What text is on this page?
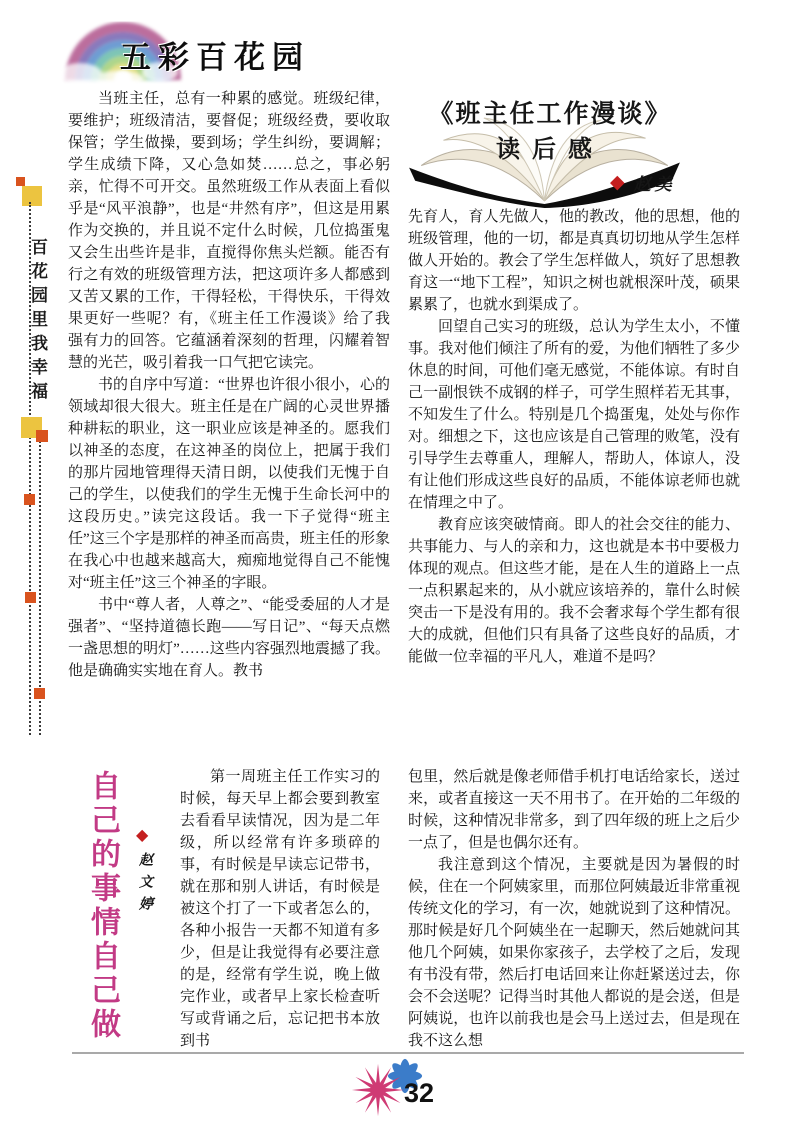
五彩百花园
百花园里我幸福
《班主任工作漫谈》
读后感
◆ 赵美

当班主任，总有一种累的感觉。班级纪律，要维护；班级清洁，要督促；班级经费，要收取保管；学生做操，要到场；学生纠纷，要调解；学生成绩下降，又心急如焚……总之，事必躬亲，忙得不可开交。虽然班级工作从表面上看似乎是“风平浪静”，也是“井然有序”，但这是用累作为交换的，并且说不定什么时候，几位捣蛋鬼又会生出些许是非，直搅得你焦头烂额。能否有行之有效的班级管理方法，把这项许多人都感到又苦又累的工作，干得轻松，干得快乐，干得效果更好一些呢？有，《班主任工作漫谈》给了我强有力的回答。它蕴涵着深刻的哲理，闪耀着智慧的光芒，吸引着我一口气把它读完。

书的自序中写道：“世界也许很小很小，心的领域却很大很大。班主任是在广阔的心灵世界播种耕耘的职业，这一职业应该是神圣的。愿我们以神圣的态度，在这神圣的岗位上，把属于我们的那片园地管理得天清日朗，以使我们无愧于自己的学生，以使我们的学生无愧于生命长河中的这段历史。”读完这段话。我一下子觉得“班主任”这三个字是那样的神圣而高贵，班主任的形象在我心中也越来越高大，痴痴地觉得自己不能愧对“班主任”这三个神圣的字眼。

书中“尊人者，人尊之”、“能受委屈的人才是强者”、“坚持道德长跑——写日记”、“每天点燃一盏思想的明灯”……这些内容强烈地震撼了我。他是确确实实地在育人。教书

先育人，育人先做人，他的教改，他的思想，他的班级管理，他的一切，都是真真切切地从学生怎样做人开始的。教会了学生怎样做人，筑好了思想教育这一“地下工程”，知识之树也就根深叶茂，硕果累累了，也就水到渠成了。

回望自己实习的班级，总认为学生太小，不懂事。我对他们倾注了所有的爱，为他们牺牲了多少休息的时间，可他们毫无感觉，不能体谅。有时自己一副恨铁不成钢的样子，可学生照样若无其事，不知发生了什么。特别是几个捣蛋鬼，处处与你作对。细想之下，这也应该是自己管理的败笔，没有引导学生去尊重人，理解人，帮助人，体谅人，没有让他们形成这些良好的品质，不能体谅老师也就在情理之中了。

教育应该突破情商。即人的社会交往的能力、共事能力、与人的亲和力，这也就是本书中要极力体现的观点。但这些才能，是在人生的道路上一点一点积累起来的，从小就应该培养的，靠什么时候突击一下是没有用的。我不会奢求每个学生都有很大的成就，但他们只有具备了这些良好的品质，才能做一位幸福的平凡人，难道不是吗？

自己的事情自己做 ◆
赵文婷

第一周班主任工作实习的时候，每天早上都会要到教室去看看早读情况，因为是二年级，所以经常有许多琐碎的事，有时候是早读忘记带书，就在那和别人讲话，有时候是被这个打了一下或者怎么的，各种小报告一天都不知道有多少，但是让我觉得有必要注意的是，经常有学生说，晚上做完作业，或者早上家长检查听写或背诵之后，忘记把书本放到书

包里，然后就是像老师借手机打电话给家长，送过来，或者直接这一天不用书了。在开始的二年级的时候，这种情况非常多，到了四年级的班上之后少一点了，但是也偶尔还有。

我注意到这个情况，主要就是因为暑假的时候，住在一个阿姨家里，而那位阿姨最近非常重视传统文化的学习，有一次，她就说到了这种情况。那时候是好几个阿姨坐在一起聊天，然后她就问其他几个阿姨，如果你家孩子，去学校了之后，发现有书没有带，然后打电话回来让你赶紧送过去，你会不会送呢？记得当时其他人都说的是会送，但是阿姨说，也许以前我也是会马上送过去，但是现在我不这么想

32
